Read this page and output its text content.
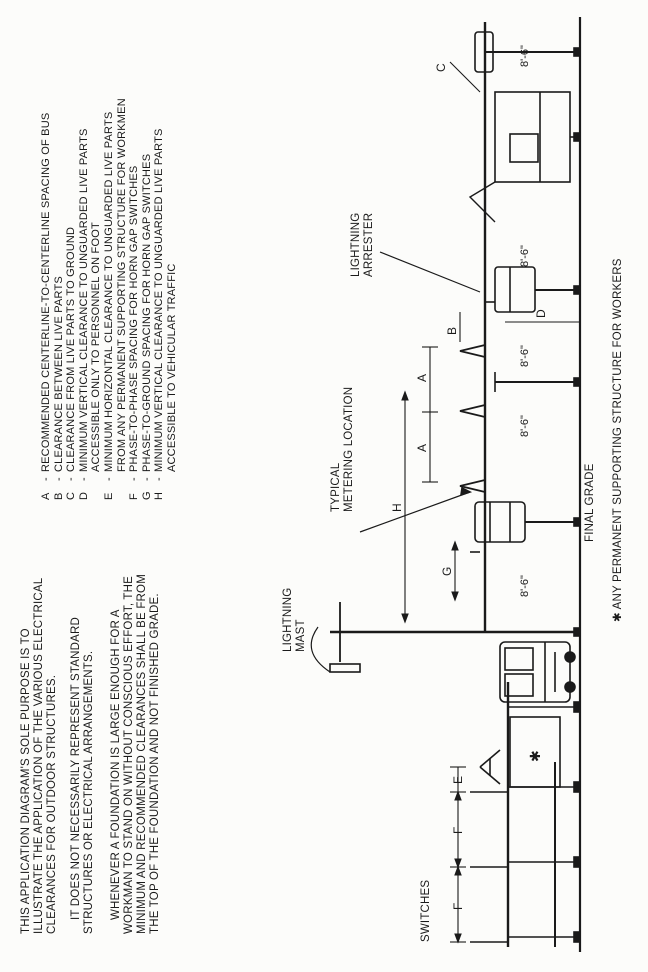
THIS APPLICATION DIAGRAM'S SOLE PURPOSE IS TO ILLUSTRATE THE APPLICATION OF THE VARIOUS ELECTRICAL CLEARANCES FOR OUTDOOR STRUCTURES. IT DOES NOT NECESSARILY REPRESENT STANDARD STRUCTURES OR ELECTRICAL ARRANGEMENTS. WHENEVER A FOUNDATION IS LARGE ENOUGH FOR A WORKMAN TO STAND ON WITHOUT CONSCIOUS EFFORT, THE MINIMUM AND RECOMMENDED CLEARANCES SHALL BE FROM THE TOP OF THE FOUNDATION AND NOT FINISHED GRADE.
A
-
RECOMMENDED CENTERLINE-TO-CENTERLINE SPACING OF BUS
B
-
CLEARANCE BETWEEN LIVE PARTS
C
-
CLEARANCE FROM LIVE PARTS TO GROUND
D
-
MINIMUM VERTICAL CLEARANCE TO UNGUARDED LIVE PARTS ACCESSIBLE ONLY TO PERSONNEL ON FOOT
E
-
MINIMUM HORIZONTAL CLEARANCE TO UNGUARDED LIVE PARTS FROM ANY PERMANENT SUPPORTING STRUCTURE FOR WORKMEN
F
-
PHASE-TO-PHASE SPACING FOR HORN GAP SWITCHES
G
-
PHASE-TO-GROUND SPACING FOR HORN GAP SWITCHES
H
-
MINIMUM VERTICAL CLEARANCE TO UNGUARDED LIVE PARTS ACCESSIBLE TO VEHICULAR TRAFFIC
F
F
E
H
G
A
A
B
D
C
8'-6"
8'-6"
8'-6"
8'-6"
8'-6"
✱
SWITCHES
LIGHTNING MAST
TYPICAL METERING LOCATION
LIGHTNING ARRESTER
FINAL GRADE ✱ ANY PERMANENT SUPPORTING STRUCTURE FOR WORKERS
